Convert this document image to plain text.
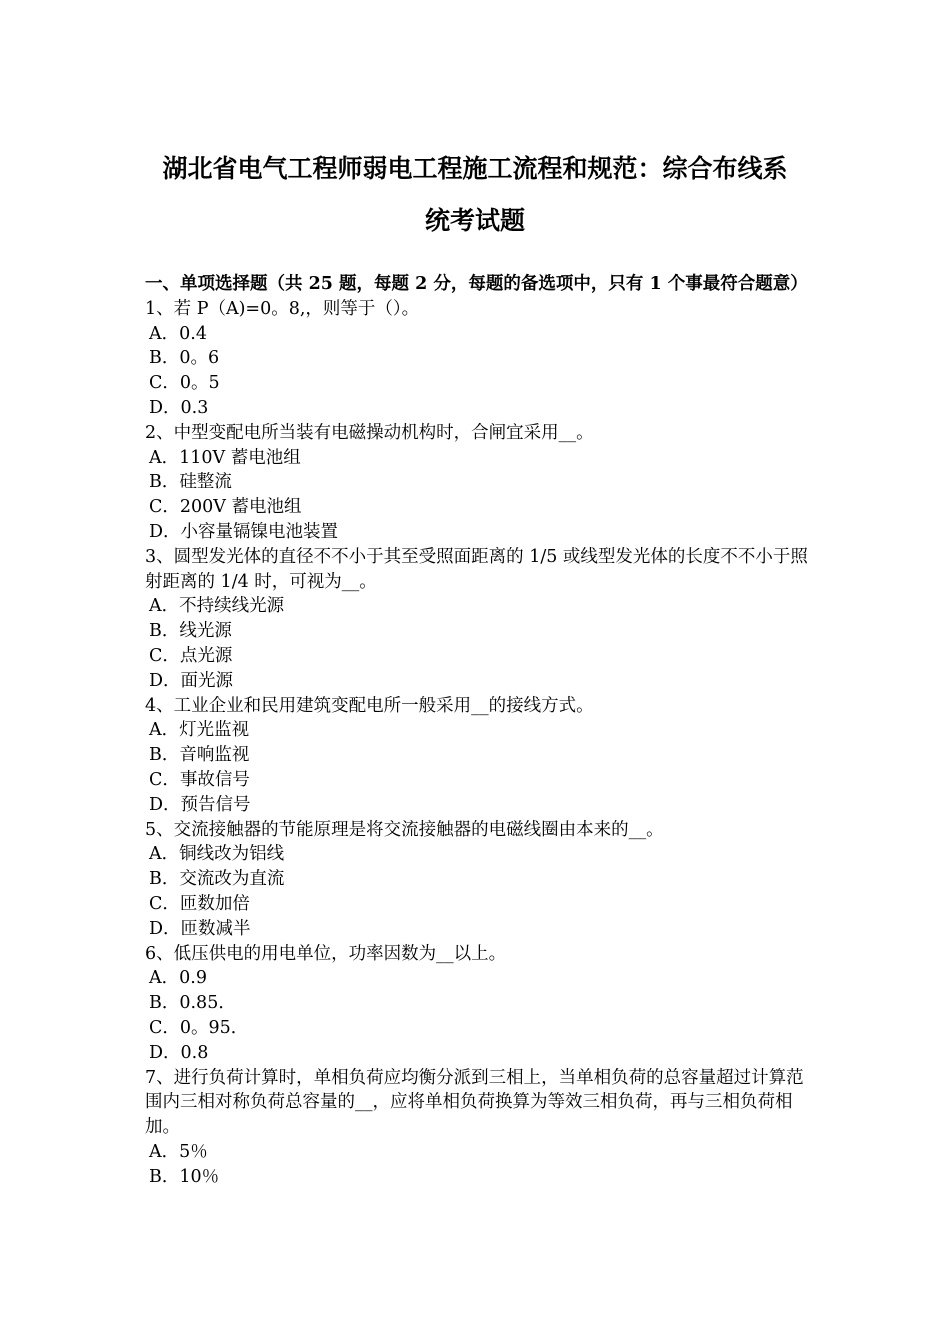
湖北省电气工程师弱电工程施工流程和规范：综合布线系
统考试题
一、单项选择题（共 25 题，每题 2 分，每题的备选项中，只有 1 个事最符合题意）
1、若 P（A)=0。8,，则等于（）。
A．0.4
B．0。6
C．0。5
D．0.3
2、中型变配电所当装有电磁操动机构时，合闸宜采用__。
A．110V 蓄电池组
B．硅整流
C．200V 蓄电池组
D．小容量镉镍电池装置
3、圆型发光体的直径不不小于其至受照面距离的 1/5 或线型发光体的长度不不小于照射距离的 1/4 时，可视为__。
A．不持续线光源
B．线光源
C．点光源
D．面光源
4、工业企业和民用建筑变配电所一般采用__的接线方式。
A．灯光监视
B．音响监视
C．事故信号
D．预告信号
5、交流接触器的节能原理是将交流接触器的电磁线圈由本来的__。
A．铜线改为铝线
B．交流改为直流
C．匝数加倍
D．匝数减半
6、低压供电的用电单位，功率因数为__以上。
A．0.9
B．0.85．
C．0。95．
D．0.8
7、进行负荷计算时，单相负荷应均衡分派到三相上，当单相负荷的总容量超过计算范围内三相对称负荷总容量的__，应将单相负荷换算为等效三相负荷，再与三相负荷相加。
A．5％
B．10％
